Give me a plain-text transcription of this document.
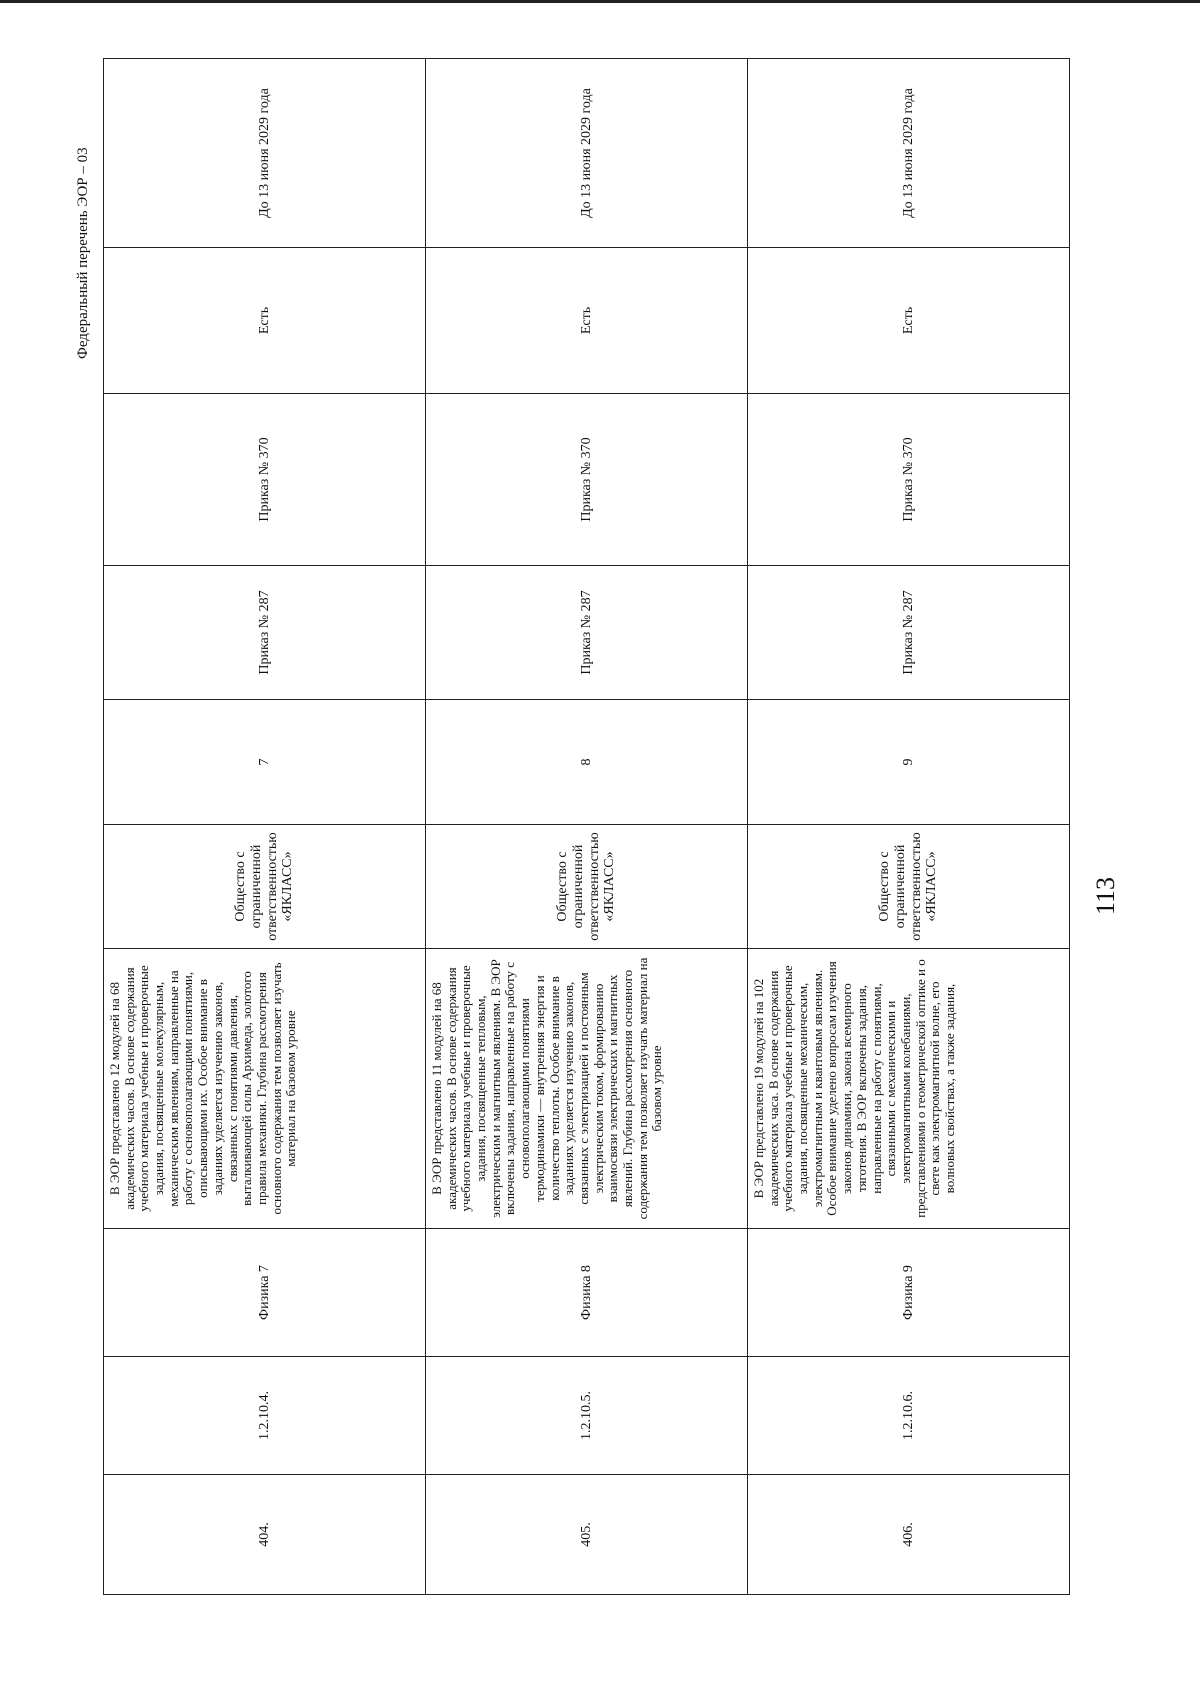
113
404.	1.2.10.4.	Физика 7	В ЭОР представлено 12 модулей на 68 академических часов. В основе содержания учебного материала учебные и проверочные задания, посвященные молекулярным, механическим явлениям, направленные на работу с основополагающими понятиями, описывающими их. Особое внимание в заданиях уделяется изучению законов, связанных с понятиями давления, выталкивающей силы Архимеда, золотого правила механики. Глубина рассмотрения основного содержания тем позволяет изучать материал на базовом уровне	Общество с ограниченной ответственностью «ЯКЛАСС»	7	Приказ № 287	Приказ № 370	Есть	До 13 июня 2029 года
405.	1.2.10.5.	Физика 8	В ЭОР представлено 11 модулей на 68 академических часов. В основе содержания учебного материала учебные и проверочные задания, посвященные тепловым, электрическим и магнитным явлениям. В ЭОР включены задания, направленные на работу с основополагающими понятиями термодинамики — внутренняя энергия и количество теплоты. Особое внимание в заданиях уделяется изучению законов, связанных с электризацией и постоянным электрическим током, формированию взаимосвязи электрических и магнитных явлений. Глубина рассмотрения основного содержания тем позволяет изучать материал на базовом уровне	Общество с ограниченной ответственностью «ЯКЛАСС»	8	Приказ № 287	Приказ № 370	Есть	До 13 июня 2029 года
406.	1.2.10.6.	Физика 9	В ЭОР представлено 19 модулей на 102 академических часа. В основе содержания учебного материала учебные и проверочные задания, посвященные механическим, электромагнитным и квантовым явлениям. Особое внимание уделено вопросам изучения законов динамики, закона всемирного тяготения. В ЭОР включены задания, направленные на работу с понятиями, связанными с механическими и электромагнитными колебаниями, представлениями о геометрической оптике и о свете как электромагнитной волне, его волновых свойствах, а также задания,	Общество с ограниченной ответственностью «ЯКЛАСС»	9	Приказ № 287	Приказ № 370	Есть	До 13 июня 2029 года
Федеральный перечень ЭОР – 03
